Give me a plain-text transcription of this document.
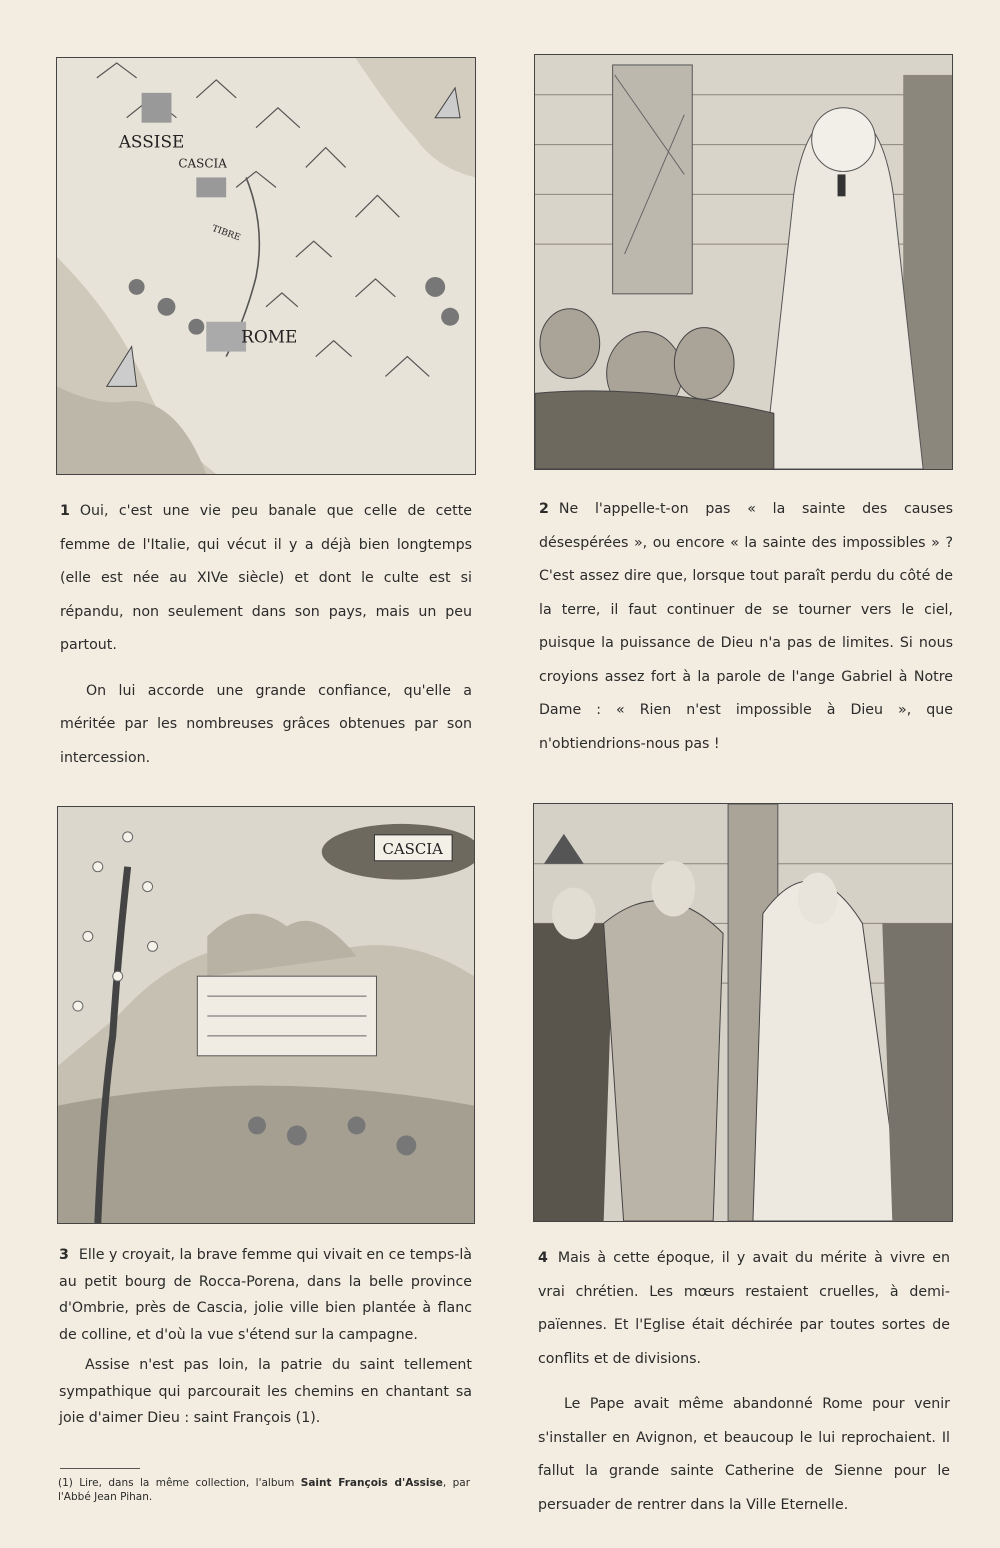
ASSISE
CASCIA
TIBRE
ROME

1 Oui, c'est une vie peu banale que celle de cette femme de l'Italie, qui vécut il y a déjà bien longtemps (elle est née au XIVe siècle) et dont le culte est si répandu, non seulement dans son pays, mais un peu partout.

On lui accorde une grande confiance, qu'elle a méritée par les nombreuses grâces obtenues par son intercession.

2 Ne l'appelle-t-on pas « la sainte des causes désespérées », ou encore « la sainte des impossibles » ? C'est assez dire que, lorsque tout paraît perdu du côté de la terre, il faut continuer de se tourner vers le ciel, puisque la puissance de Dieu n'a pas de limites. Si nous croyions assez fort à la parole de l'ange Gabriel à Notre Dame : « Rien n'est impossible à Dieu », que n'obtiendrions-nous pas !

CASCIA

3 Elle y croyait, la brave femme qui vivait en ce temps-là au petit bourg de Rocca-Porena, dans la belle province d'Ombrie, près de Cascia, jolie ville bien plantée à flanc de colline, et d'où la vue s'étend sur la campagne.

Assise n'est pas loin, la patrie du saint tellement sympathique qui parcourait les chemins en chantant sa joie d'aimer Dieu : saint François (1).

4 Mais à cette époque, il y avait du mérite à vivre en vrai chrétien. Les mœurs restaient cruelles, à demi-païennes. Et l'Eglise était déchirée par toutes sortes de conflits et de divisions.

Le Pape avait même abandonné Rome pour venir s'installer en Avignon, et beaucoup le lui reprochaient. Il fallut la grande sainte Catherine de Sienne pour le persuader de rentrer dans la Ville Eternelle.

(1) Lire, dans la même collection, l'album Saint François d'Assise, par l'Abbé Jean Pihan.
